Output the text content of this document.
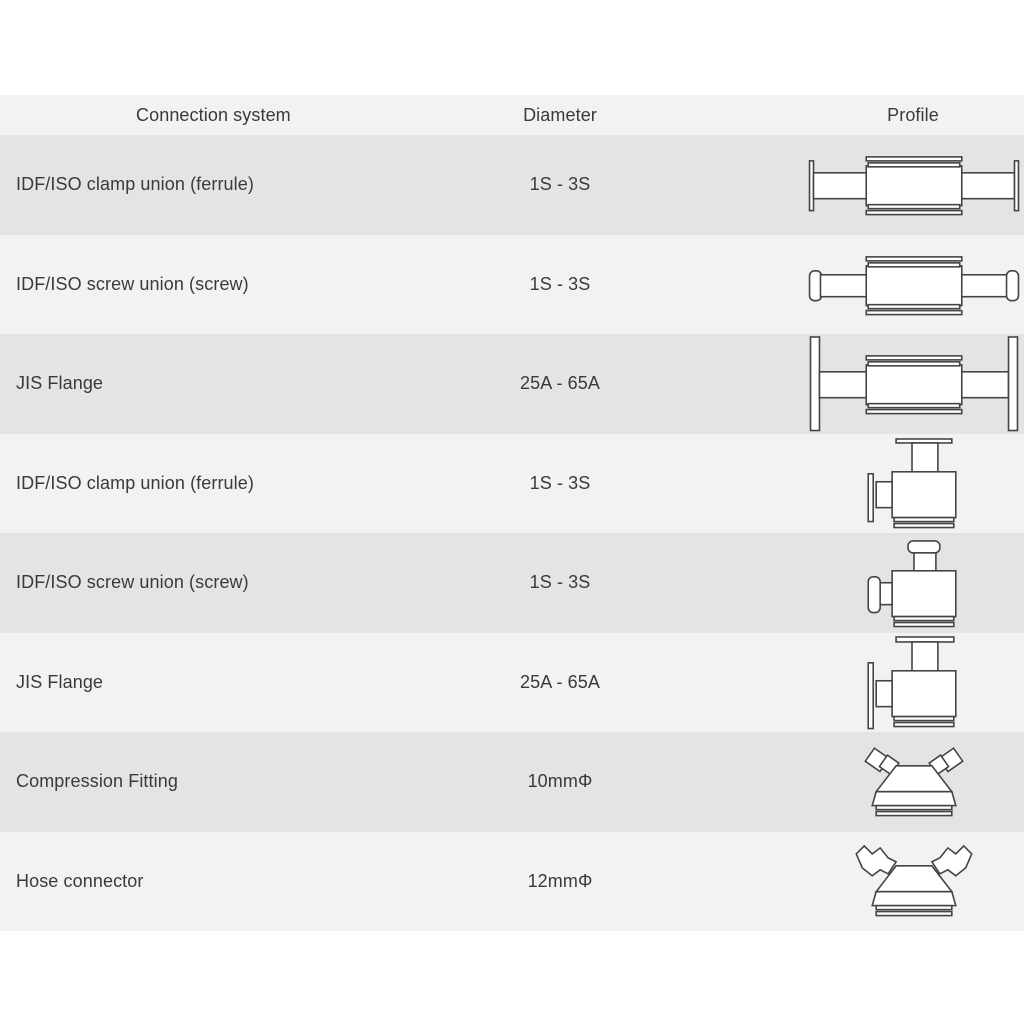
Connection system	Diameter	Profile
IDF/ISO clamp union (ferrule)	1S - 3S
IDF/ISO screw union (screw)	1S - 3S
JIS Flange	25A - 65A
IDF/ISO clamp union (ferrule)	1S - 3S
IDF/ISO screw union (screw)	1S - 3S
JIS Flange	25A - 65A
Compression Fitting	10mmΦ
Hose connector	12mmΦ
